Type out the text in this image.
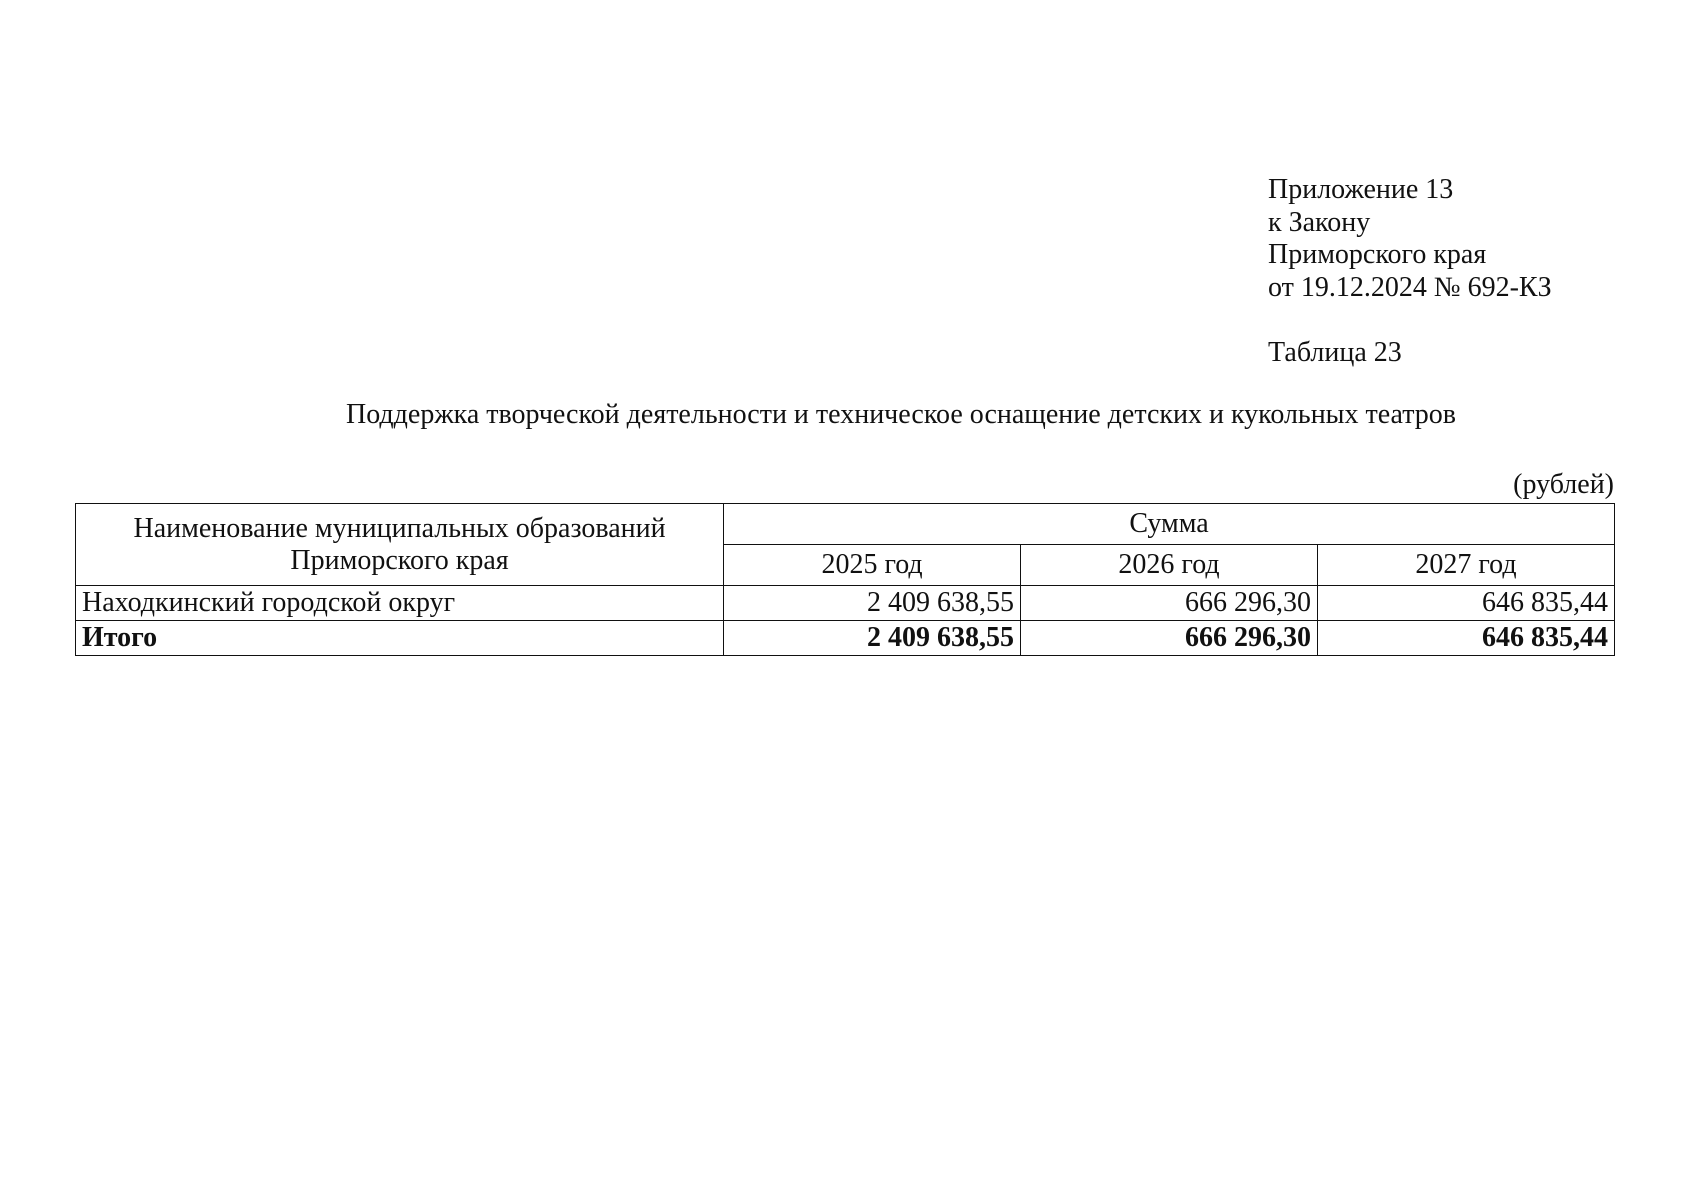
Приложение 13
к Закону
Приморского края
от 19.12.2024 № 692-КЗ
Таблица 23
Поддержка творческой деятельности и техническое оснащение детских и кукольных театров
(рублей)
Наименование муниципальных образований
Приморского края	Сумма		
	2025 год	2026 год	2027 год
Находкинский городской округ	2 409 638,55	666 296,30	646 835,44
Итого	2 409 638,55	666 296,30	646 835,44
